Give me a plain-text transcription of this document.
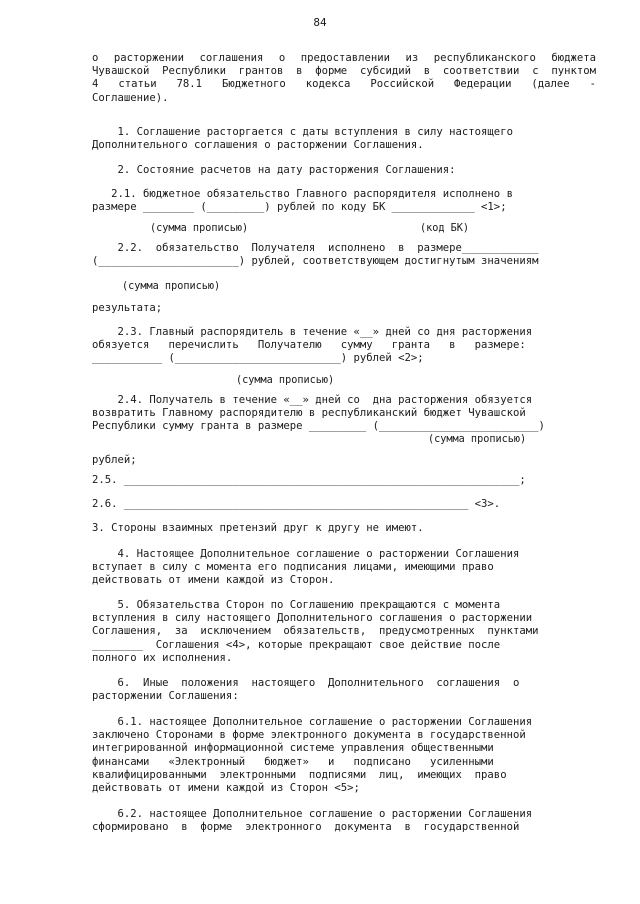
84
о расторжении соглашения о предоставлении из республиканского бюджета
Чувашской Республики грантов в форме субсидий в соответствии с пунктом
4 статьи 78.1 Бюджетного кодекса Российской Федерации (далее -
Соглашение).
1. Соглашение расторгается с даты вступления в силу настоящего
Дополнительного соглашения о расторжении Соглашения.
2. Состояние расчетов на дату расторжения Соглашения:
2.1. бюджетное обязательство Главного распорядителя исполнено в
размере ________ (_________) рублей по коду БК _____________ <1>;
(сумма прописью)	(код БК)
2.2.  обязательство  Получателя  исполнено  в  размере____________
(______________________) рублей, соответствующем достигнутым значениям
(сумма прописью)
результата;
2.3. Главный распорядитель в течение «__» дней со дня расторжения
обязуется   перечислить   Получателю   сумму   гранта   в   размере:
___________ (__________________________) рублей <2>;
(сумма прописью)
2.4. Получатель в течение «__» дней со  дна расторжения обязуется
возвратить Главному распорядителю в республиканский бюджет Чувашской
Республики сумму гранта в размере _________ (_________________________)
(сумма прописью)
рублей;
2.5. ______________________________________________________________;
2.6. ______________________________________________________ <3>.
3. Стороны взаимных претензий друг к другу не имеют.
4. Настоящее Дополнительное соглашение о расторжении Соглашения
вступает в силу с момента его подписания лицами, имеющими право
действовать от имени каждой из Сторон.
5. Обязательства Сторон по Соглашению прекращаются с момента
вступления в силу настоящего Дополнительного соглашения о расторжении
Соглашения,  за  исключением  обязательств,  предусмотренных  пунктами
________  Соглашения <4>, которые прекращают свое действие после
полного их исполнения.
6.  Иные  положения  настоящего  Дополнительного  соглашения  о
расторжении Соглашения:
6.1. настоящее Дополнительное соглашение о расторжении Соглашения
заключено Сторонами в форме электронного документа в государственной
интегрированной информационной системе управления общественными
финансами   «Электронный   бюджет»   и   подписано   усиленными
квалифицированными  электронными  подписями  лиц,  имеющих  право
действовать от имени каждой из Сторон <5>;
6.2. настоящее Дополнительное соглашение о расторжении Соглашения
сформировано  в  форме  электронного  документа  в  государственной
